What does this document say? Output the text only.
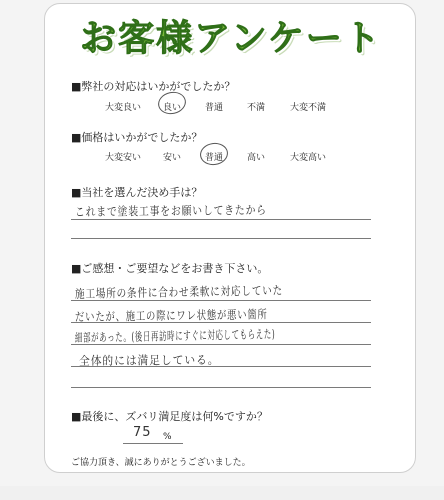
お客様アンケート
■弊社の対応はいかがでしたか？
大変良い 良い	普通	不満	大変不満
■価格はいかがでしたか？
大変安い 安い	普通	高い	大変高い
■当社を選んだ決め手は？
これまで塗装工事をお願いしてきたから
■ご感想・ご要望などをお書き下さい。
施工場所の条件に合わせ柔軟に対応していた
だいたが、施工の際にワレ状態が悪い箇所
細部があった。(後日再訪時にすぐに対応してもらえた)
全体的には満足している。
■最後に、ズバリ満足度は何%ですか？
75 %
ご協力頂き、誠にありがとうございました。
